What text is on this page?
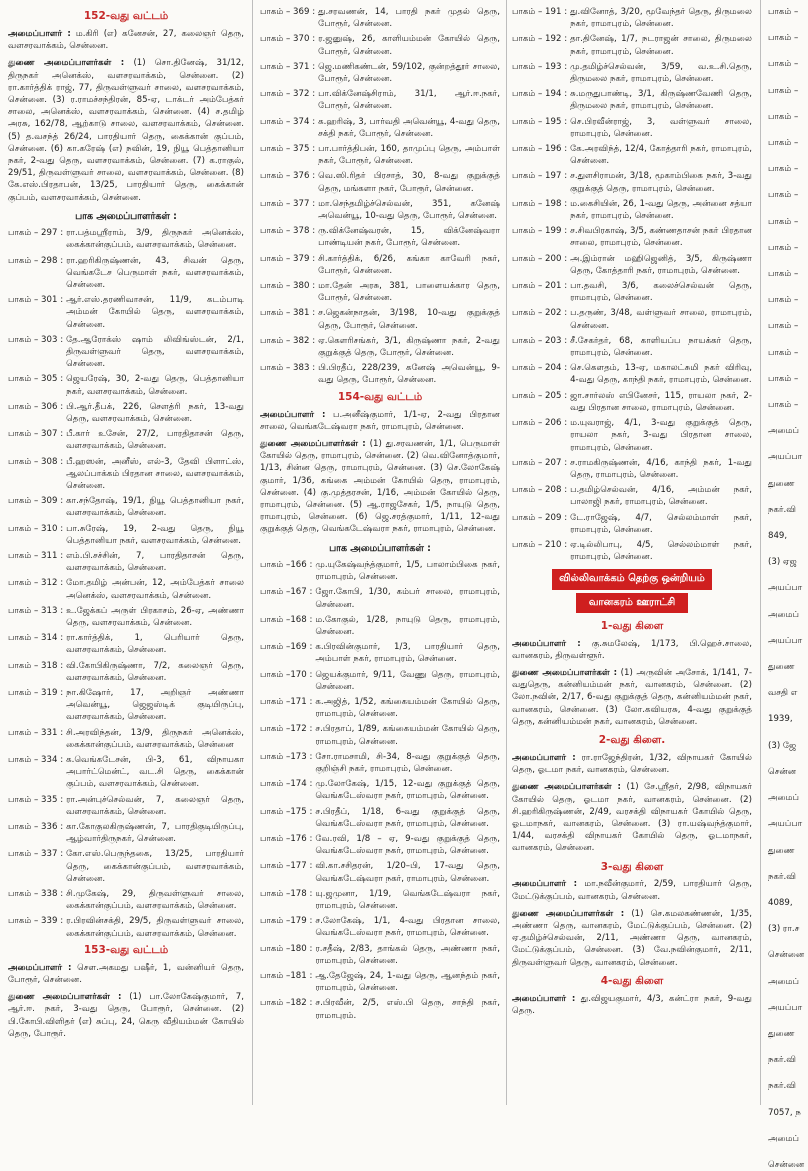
152-வது வட்டம்

அமைப்பாளர் : ம.கிரி (எ) கனேசன், 27, கலைஞர் தெரு, வளசரவாக்கம், சென்னை.

துணை அமைப்பாளர்கள் : (1) சொ.தினேஷ், 31/12, திருநகர் அனெக்ஸ், வளசரவாக்கம், சென்னை. (2) ரா.கார்த்திக் ராஜ், 77, திருவள்ளுவர் சாலை, வளசரவாக்கம், சென்னை. (3) ர.ராமச்சந்திரன், 85-ஏ, டாக்டர் அம்பேத்கர் சாலை, அனெக்ஸ், வளசரவாக்கம், சென்னை. (4) ச.தமிழ் அரசு, 162/78, ஆற்காடு சாலை, வளசரவாக்கம், சென்னை. (5) த.வசந்த் 26/24, பாரதியார் தெரு, கைக்கான் குப்பம், சென்னை. (6) கா.கரேஷ் (எ) நவின், 19, நியூ பெத்தானியா நகர், 2-வது தெரு, வளசரவாக்கம், சென்னை. (7) க.ராகுல், 29/51, திருவள்ளுவர் சாலை, வளசரவாக்கம், சென்னை. (8) கே.எஸ்.பிரதாபன், 13/25, பாரதியார் தெரு, கைக்கான் குப்பம், வளசரவாக்கம், சென்னை.

பாக அமைப்பாளர்கள் :
பாகம் – 297 : ரா.பத்மஸ்ரீராம், 3/9, திருநகர் அனெக்ஸ், கைக்கான்குப்பம், வளசரவாக்கம், சென்னை.
பாகம் – 298 : ரா.ஹரிகிருஷ்ணன், 43, சிவன் தெரு, வெங்கடேச பெருமாள் நகர், வளசரவாக்கம், சென்னை.
பாகம் – 301 : ஆர்.எஸ்.தரணிவாசன், 11/9, கடம்பாடி அம்மன் கோயில் தெரு, வளசரவாக்கம், சென்னை.
பாகம் – 303 : தே.ஆரோக்ஸ் ஷாம் லிவிங்ஸ்டன், 2/1, திருவள்ளுவர் தெரு, வளசரவாக்கம், சென்னை.
பாகம் – 305 : ஜெயரேஷ், 30, 2-வது தெரு, பெத்தானியா நகர், வளசரவாக்கம், சென்னை.
பாகம் – 306 : பி.ஆர்.தீபக், 226, சௌத்ரி நகர், 13-வது தெரு, வளசரவாக்கம், சென்னை.
பாகம் – 307 : பீ.கார் உசேன், 27/2, பாரதிதாசன் தெரு, வளசரவாக்கம், சென்னை.
பாகம் – 308 : பீ.ஹஸன், அனீஸ், எல்-3, தேவி பிளாட்ஸ், ஆலப்பாக்கம் பிரதான சாலை, வளசரவாக்கம், சென்னை.
பாகம் – 309 : கா.சந்தோஷ், 19/1, நியூ பெத்தானியா நகர், வளசரவாக்கம், சென்னை.
பாகம் – 310 : பா.சுரேஷ், 19, 2-வது தெரு, நியூ பெத்தானியா நகர், வளசரவாக்கம், சென்னை.
பாகம் – 311 : எம்.பி.சச்சின், 7, பாரதிதாசன் தெரு, வளசரவாக்கம், சென்னை.
பாகம் – 312 : மோ.தமிழ் அன்பன், 12, அம்பேத்கர் சாலை அனெக்ஸ், வளசரவாக்கம், சென்னை.
பாகம் – 313 : உ.ஜேக்கப் அருள் பிரகாசம், 26-ஏ, அண்ணா தெரு, வளசரவாக்கம், சென்னை.
பாகம் – 314 : ரா.கார்த்திக், 1, பெரியார் தெரு, வளசரவாக்கம், சென்னை.
பாகம் – 318 : வி.கோபிகிருஷ்ணா, 7/2, கலைஞர் தெரு, வளசரவாக்கம், சென்னை.
பாகம் – 319 : நா.கிஷோர், 17, அறிஞர் அண்ணா அவென்யூ, ஜெஜஸ்டிக் குடியிருப்பு, வளசரவாக்கம், சென்னை.
பாகம் – 331 : சி.அரவிந்தன், 13/9, திருநகர் அனெக்ஸ், கைக்கான்குப்பம், வளசரவாக்கம், சென்னை
பாகம் – 334 : க.வெங்கடேசன், பி-3, 61, விநாயகா அபார்ட்மென்ட், வட.சி தெரு, கைக்கான் குப்பம், வளசரவாக்கம், சென்னை.
பாகம் – 335 : ரா.அன்புச்செல்வன், 7, கலைஞர் தெரு, வளசரவாக்கம், சென்னை.
பாகம் – 336 : கா.கோகுலகிருஷ்ணன், 7, பாரதிகுடியிருப்பு, ஆழ்வார்திருநகர், சென்னை.
பாகம் – 337 : கோ.எஸ்.பெருந்தகை, 13/25, பாரதியார் தெரு, கைக்கான்குப்பம், வளசரவாக்கம், சென்னை.
பாகம் – 338 : சி.முகேஷ், 29, திருவள்ளுவர் சாலை, கைக்கான்குப்பம், வளசரவாக்கம், சென்னை.
பாகம் – 339 : ர.பிரவின்சக்தி, 29/5, திருவள்ளுவர் சாலை, கைக்கான்குப்பம், வளசரவாக்கம், சென்னை.
153-வது வட்டம்

அமைப்பாளர் : சௌ.அகமது பஷீர், 1, வன்னியர் தெரு, போரூர், சென்னை.

துணை அமைப்பாளர்கள் : (1) பா.லோகேஷ்குமார், 7, ஆர்.ஈ. நகர், 3-வது தெரு, போரூர், சென்னை. (2) பி.கோபி.விளிதர் (எ) சுப்பு, 24, கெரு வீதியம்மன் கோயில் தெரு, போரூர்.

பாகம் – 369 : து.சரவணன், 14, பாரதி நகர் முதல் தெரு, போரூர், சென்னை.
பாகம் – 370 : ர.ஜனுஷ், 26, காளியம்மன் கோயில் தெரு, போரூர், சென்னை.
பாகம் – 371 : ஜெ.மணிகண்டன், 59/102, குன்றத்தூர் சாலை, போரூர், சென்னை.
பாகம் – 372 : பா.விக்னேஷ்சிராம், 31/1, ஆர்.ஈ.நகர், போரூர், சென்னை.
பாகம் – 374 : க.ஹரிஷ், 3, பார்வதி அவென்யூ, 4-வது தெரு, சக்தி நகர், போரூர், சென்னை.
பாகம் – 375 : பா.பார்த்திபன், 160, தாமுப்பு தெரு, அம்பாள் நகர், போரூர், சென்னை.
பாகம் – 376 : வெ.ஸி.ரிதர் பிரசாத், 30, 8-வது குறுக்குத் தெரு, மங்களா நகர், போரூர், சென்னை.
பாகம் – 377 : மா.செந்தமிழ்ச்செல்வன், 351, கனேஷ் அவென்யூ, 10-வது தெரு, போரூர், சென்னை.
பாகம் – 378 : ரு.விக்னேஷ்வரன், 15, விக்னேஷ்வரா பாண்டியன் நகர், போரூர், சென்னை.
பாகம் – 379 : சி.கார்த்திக், 6/26, கங்கா காவேரி நகர், போரூர், சென்னை.
பாகம் – 380 : மா.தேன் அரசு, 381, பாளையக்கார தெரு, போரூர், சென்னை.
பாகம் – 381 : ச.ஜெகன்நாதன், 3/198, 10-வது குறுக்குத் தெரு, போரூர், சென்னை.
பாகம் – 382 : ஏ.கௌரிசங்கர், 3/1, கிருஷ்ணா நகர், 2-வது குறுக்குத் தெரு, போரூர், சென்னை.
பாகம் – 383 : பி.பிரதீப், 228/239, கனேஷ் அவென்யூ, 9-வது தெரு, போரூர், சென்னை.
154-வது வட்டம்

அமைப்பாளர் : ப.அனீஷ்குமார், 1/1-ஏ, 2-வது பிரதான சாலை, வெங்கடேஷ்வரா நகர், ராமாபுரம், சென்னை.

துணை அமைப்பாளர்கள் : (1) து.சரவணன், 1/1, பெருமாள் கோயில் தெரு, ராமாபுரம், சென்னை. (2) வெ.வினோத்குமார், 1/13, சின்ன தெரு, ராமாபுரம், சென்னை. (3) செ.லோகேஷ் குமார், 1/36, கங்கை அம்மன் கோயில் தெரு, ராமாபுரம், சென்னை. (4) கு.முத்தரசன், 1/16, அம்மன் கோயில் தெரு, ராமாபுரம், சென்னை. (5) ஆ.ராஜசேகர், 1/5, நாயுடு தெரு, ராமாபுரம், சென்னை. (6) ஜெ.சரத்குமார், 1/11, 12-வது குறுக்குத் தெரு, வெங்கடேஷ்வரா நகர், ராமாபுரம், சென்னை.

பாக அமைப்பாளர்கள் :
பாகம் –166 : மு.யுகேஷ்வந்த்குமார், 1/5, பாலாம்பிகை நகர், ராமாபுரம், சென்னை.
பாகம் –167 : ஜோ.கோபி, 1/30, கம்பர் சாலை, ராமாபுரம், சென்னை.
பாகம் –168 : ம.கோகுல், 1/28, நாயுடு தெரு, ராமாபுரம், சென்னை.
பாகம் –169 : க.பிரவின்குமார், 1/3, பாரதியார் தெரு, அம்பாள் நகர், ராமாபுரம், சென்னை.
பாகம் –170 : ஜெயக்குமார், 9/11, வேணு தெரு, ராமாபுரம், சென்னை.
பாகம் –171 : க.அஜித், 1/52, கங்கையம்மன் கோயில் தெரு, ராமாபுரம், சென்னை.
பாகம் –172 : ச.பிரதாப், 1/89, கங்கையம்மன் கோயில் தெரு, ராமாபுரம், சென்னை.
பாகம் –173 : சோ.ராமசாமி, சி-34, 8-வது குறுக்குத் தெரு, குறிஞ்சி நகர், ராமாபுரம், சென்னை.
பாகம் –174 : மு.லோகேஷ், 1/15, 12-வது குறுக்குத் தெரு, வெங்கடேஸ்வரா நகர், ராமாபுரம், சென்னை.
பாகம் –175 : ச.பிரதீப், 1/18, 6-வது குறுக்குத் தெரு, வெங்கடேஸ்வரா நகர், ராமாபுரம், சென்னை.
பாகம் –176 : வே.ரவி, 1/8 – ஏ, 9-வது குறுக்குத் தெரு, வெங்கடேஸ்வரா நகர், ராமாபுரம், சென்னை.
பாகம் –177 : வி.கா.சசிதரன், 1/20–பி, 17-வது தெரு, வெங்கடேஷ்வரா நகர், ராமாபுரம், சென்னை.
பாகம் –178 : யு.ஜமுனா, 1/19, வெங்கடேஷ்வரா நகர், ராமாபுரம், சென்னை.
பாகம் –179 : ச.லோகேஷ், 1/1, 4-வது பிரதான சாலை, வெங்கடேஸ்வரா நகர், ராமாபுரம், சென்னை.
பாகம் –180 : ர.சதீஷ், 2/83, தாங்கல் தெரு, அண்ணா நகர், ராமாபுரம், சென்னை.
பாகம் –181 : ஆ.தேஜேஷ், 24, 1-வது தெரு, ஆனந்தம் நகர், ராமாபுரம், சென்னை.
பாகம் –182 : ச.பிரவீன், 2/5, எஸ்.பி தெரு, சாந்தி நகர், ராமாபுரம்.
பாகம் – 191 : து.வினோத், 3/20, மூவேந்தர் தெரு, திருமலை நகர், ராமாபுரம், சென்னை.
பாகம் – 192 : தா.தினேஷ், 1/7, நடராஜன் சாலை, திருமலை நகர், ராமாபுரம், சென்னை.
பாகம் – 193 : மு.தமிழ்ச்செல்வன், 3/59, வ.உ.சி.தெரு, திருமலை நகர், ராமாபுரம், சென்னை.
பாகம் – 194 : சு.மருதுபாண்டி, 3/1, கிருஷ்ணவேணி தெரு, திருமலை நகர், ராமாபுரம், சென்னை.
பாகம் – 195 : செ.பிரவீன்ராஜ், 3, வள்ளுவர் சாலை, ராமாபுரம், சென்னை.
பாகம் – 196 : கே.அரவிந்த், 12/4, கோத்தாரி நகர், ராமாபுரம், சென்னை.
பாகம் – 197 : ச.துளசிராமன், 3/18, மூகாம்பிகை நகர், 3-வது குறுக்குத் தெரு, ராமாபுரம், சென்னை.
பாகம் – 198 : ம.கைசியின், 26, 1-வது தெரு, அன்னை சத்யா நகர், ராமாபுரம், சென்னை.
பாகம் – 199 : ச.சிவபிரகாஷ், 3/5, கண்ணதாசன் நகர் பிரதான சாலை, ராமாபுரம், சென்னை.
பாகம் – 200 : அ.இம்ரான் மஹிஜெனித், 3/5, கிருஷ்ணா தெரு, கோத்தாரி நகர், ராமாபுரம், சென்னை.
பாகம் – 201 : பா.தவசி, 3/6, கலைச்செல்வன் தெரு, ராமாபுரம், சென்னை.
பாகம் – 202 : ப.தருண், 3/48, வள்ளுவர் சாலை, ராமாபுரம், சென்னை.
பாகம் – 203 : சீ.சேகர்தர், 68, காளியப்ப நாயக்கர் தெரு, ராமாபுரம், சென்னை.
பாகம் – 204 : செ.கௌதம், 13-ஏ, மகாலட்சுமி நகர் விரிவு, 4-வது தெரு, காந்தி நகர், ராமாபுரம், சென்னை.
பாகம் – 205 : ஜா.சார்லஸ் எபினேசர், 115, ராயலா நகர், 2-வது பிரதான சாலை, ராமாபுரம், சென்னை.
பாகம் – 206 : ம.யுவராஜ், 4/1, 3-வது குறுக்குத் தெரு, ராயலா நகர், 3-வது பிரதான சாலை, ராமாபுரம், சென்னை.
பாகம் – 207 : ச.ராமகிருஷ்ணன், 4/16, காந்தி நகர், 1-வது தெரு, ராமாபுரம், சென்னை.
பாகம் – 208 : ப.தமிழ்செல்வன், 4/16, அம்மன் நகர், பாலாஜி நகர், ராமாபுரம், சென்னை.
பாகம் – 209 : டே.ராஜேஷ், 4/7, செல்லம்மாள் நகர், ராமாபுரம், சென்னை.
பாகம் – 210 : ஏ.டில்லிபாபு, 4/5, செல்லம்மாள் நகர், ராமாபுரம், சென்னை.
வில்லிவாக்கம் தெற்கு ஒன்றியம்
வானகரம் ஊராட்சி
1-வது கிளை

அமைப்பாளர் : கு.சுமலேஷ், 1/173, பி.ஹெச்.சாலை, வானகரம், திருவள்ளூர்.

துணை அமைப்பாளர்கள் : (1) அருவின் அசோக், 1/141, 7-வதுதெரு, கன்னியம்மன் நகர், வானகரம், சென்னை. (2) லோ.நவின், 2/17, 6-வது குறுக்குத் தெரு, கன்னியம்மன் நகர், வானகரம், சென்னை. (3) லோ.கவியரசு, 4-வது குறுக்குத் தெரு, கன்னியம்மன் நகர், வானகரம், சென்னை.

2-வது கிளை.

அமைப்பாளர் : ரா.ராஜேந்திரன், 1/32, விநாயகர் கோயில் தெரு, ஓடமா நகர், வானகரம், சென்னை.

துணை அமைப்பாளர்கள் : (1) சே.ஸ்ரீதர், 2/98, விநாயகர் கோயில் தெரு, ஓடமா நகர், வானகரம், சென்னை. (2) சி.ஹரிகிருஷ்ணன், 2/49, வரசக்தி விநாயகர் கோயில் தெரு, ஓடமாநகர், வானகரம், சென்னை. (3) ரா.யஷ்வந்த்குமார், 1/44, வரசக்தி விநாயகர் கோயில் தெரு, ஓடமாநகர், வானகரம், சென்னை.

3-வது கிளை

அமைப்பாளர் : மா.நவீன்குமார், 2/59, பாரதியார் தெரு, மேட்டுக்குப்பம், வானகரம், சென்னை.

துணை அமைப்பாளர்கள் : (1) செ.கமலகண்ணன், 1/35, அண்ணா தெரு, வானகரம், மேட்டுக்குப்பம், சென்னை. (2) ஏ.தமிழ்ச்செல்வன், 2/11, அண்ணா தெரு, வானகரம், மேட்டுக்குப்பம், சென்னை. (3) வே.நவின்குமார், 2/11, திருவள்ளுவர் தெரு, வானகரம், சென்னை.

4-வது கிளை

அமைப்பாளர் : து.விஜயகுமார், 4/3, கன்ட்ரா நகர், 9-வது தெரு.

பாகம் –
பாகம் –
பாகம் –
பாகம் –
பாகம் –
பாகம் –
பாகம் –
பாகம் –
பாகம் –
பாகம் –
பாகம் –
பாகம் –
பாகம் –
பாகம் –
பாகம் –
பாகம் –
அமைப்
அயப்பா
துணை
நகர்.வி
849,
(3) ஏஜ
அயப்பா
அமைப்
அயப்பா
துணை
வசதி எ
1939,
(3) ஜே
சென்ன
அமைப்
அயப்பா
துணை
நகர்.வி
4089,
(3) ரா.ச
சென்னை
அமைப்
அயப்பா
துணை
நகர்.வி
நகர்.வி
7057, ந
அமைப்
சென்னை
